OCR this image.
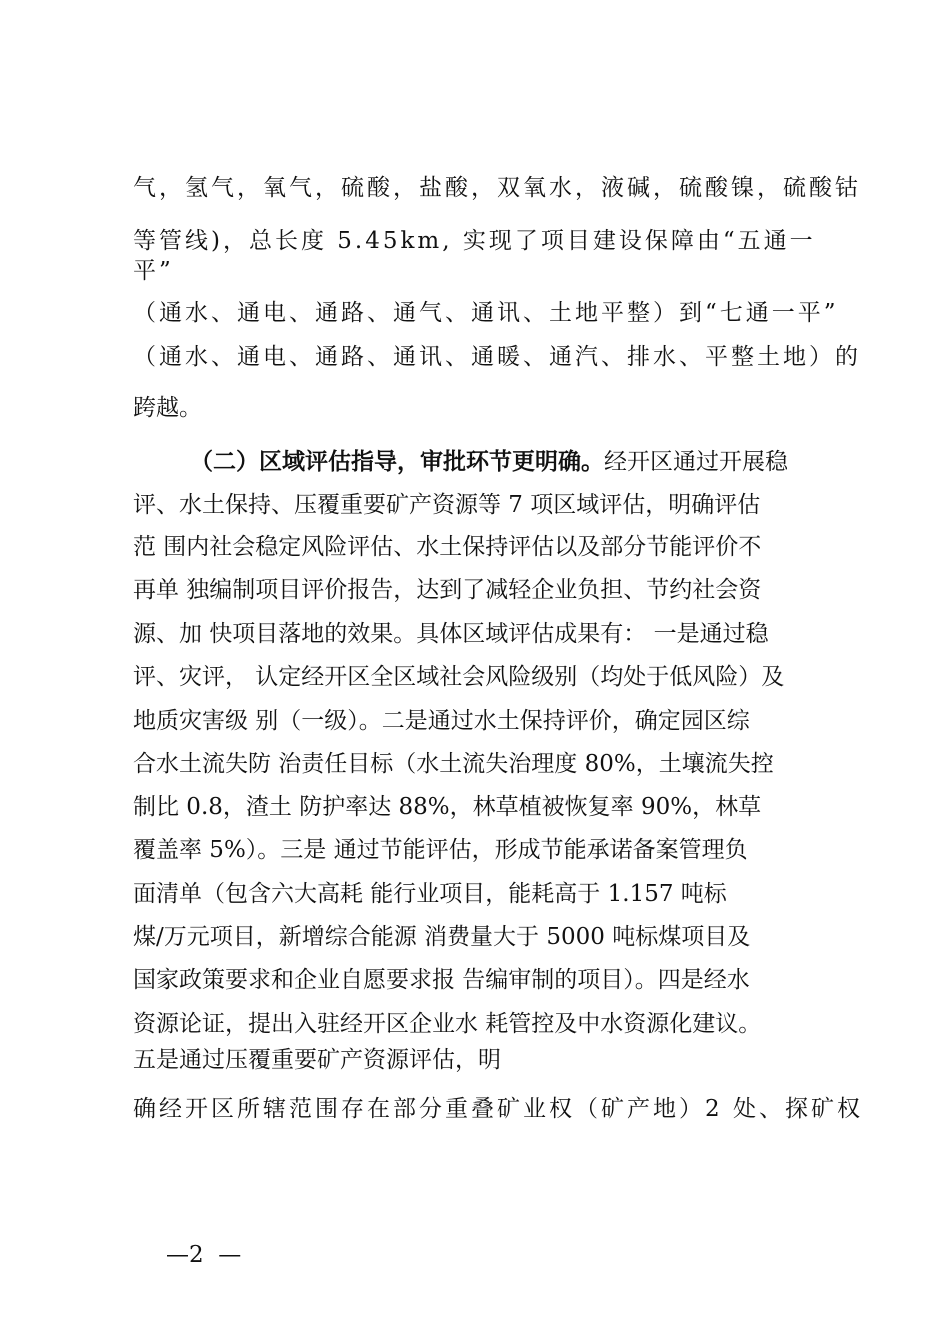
气，氢气，氧气，硫酸，盐酸，双氧水，液碱，硫酸镍，硫酸钴
等管线)，总长度 5.45km, 实现了项目建设保障由“五通一
平”
（通水、通电、通路、通气、通讯、土地平整）到“七通一平”
（通水、通电、通路、通讯、通暖、通汽、排水、平整土地）的
跨越。
（二）区域评估指导，审批环节更明确。经开区通过开展稳
评、水土保持、压覆重要矿产资源等 7 项区域评估，明确评估
范 围内社会稳定风险评估、水土保持评估以及部分节能评价不
再单 独编制项目评价报告，达到了减轻企业负担、节约社会资
源、加 快项目落地的效果。具体区域评估成果有： 一是通过稳
评、灾评， 认定经开区全区域社会风险级别（均处于低风险）及
地质灾害级 别（一级）。二是通过水土保持评价，确定园区综
合水土流失防 治责任目标（水土流失治理度 80%，土壤流失控
制比 0.8，渣土 防护率达 88%，林草植被恢复率 90%，林草
覆盖率 5%）。三是 通过节能评估，形成节能承诺备案管理负
面清单（包含六大高耗 能行业项目，能耗高于 1.157 吨标
煤/万元项目，新增综合能源 消费量大于 5000 吨标煤项目及
国家政策要求和企业自愿要求报 告编审制的项目）。四是经水
资源论证，提出入驻经开区企业水 耗管控及中水资源化建议。
五是通过压覆重要矿产资源评估，明
确经开区所辖范围存在部分重叠矿业权（矿产地）2 处、探矿权
—2  —
